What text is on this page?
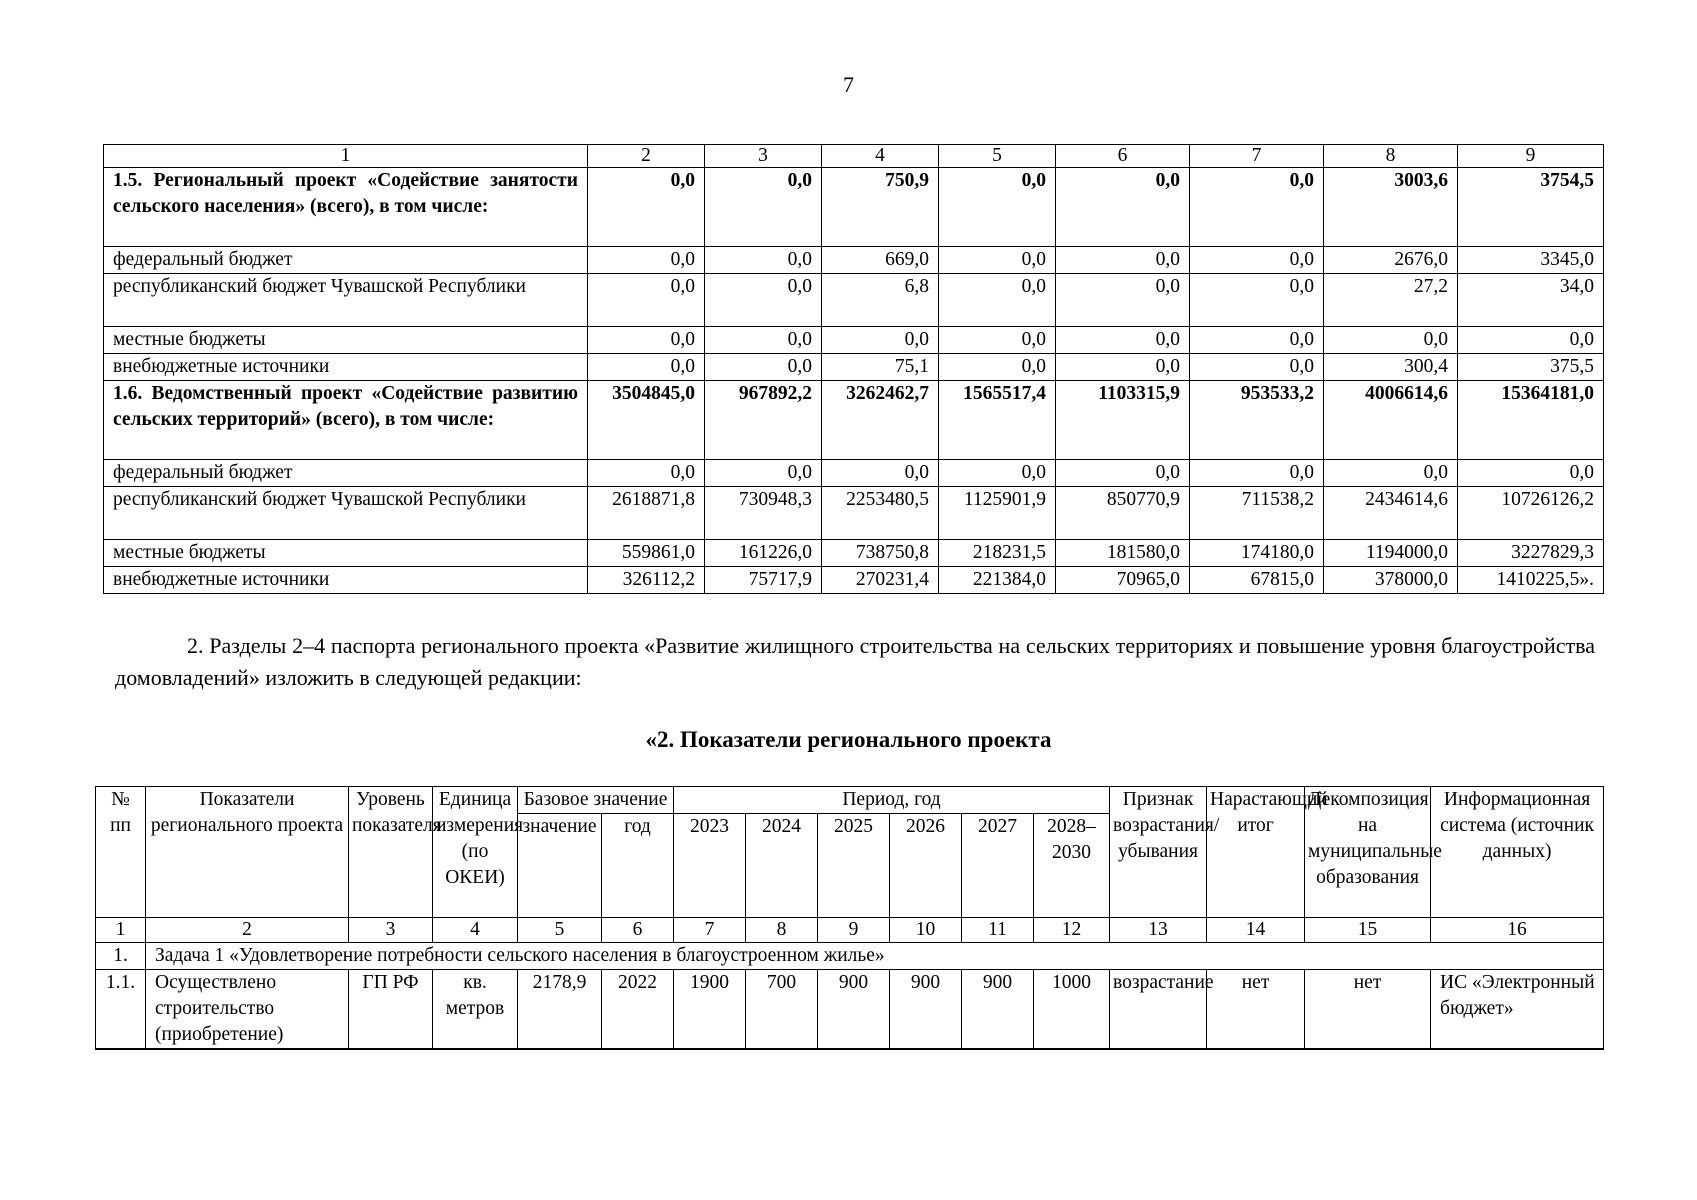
7
1	2	3	4	5	6	7	8	9
1.5. Региональный проект «Содействие занятости сельского населения» (всего), в том числе:	0,0	0,0	750,9	0,0	0,0	0,0	3003,6	3754,5
федеральный бюджет	0,0	0,0	669,0	0,0	0,0	0,0	2676,0	3345,0
республиканский бюджет Чувашской Республики	0,0	0,0	6,8	0,0	0,0	0,0	27,2	34,0
местные бюджеты	0,0	0,0	0,0	0,0	0,0	0,0	0,0	0,0
внебюджетные источники	0,0	0,0	75,1	0,0	0,0	0,0	300,4	375,5
1.6. Ведомственный проект «Содействие развитию сельских территорий» (всего), в том числе:	3504845,0	967892,2	3262462,7	1565517,4	1103315,9	953533,2	4006614,6	15364181,0
федеральный бюджет	0,0	0,0	0,0	0,0	0,0	0,0	0,0	0,0
республиканский бюджет Чувашской Республики	2618871,8	730948,3	2253480,5	1125901,9	850770,9	711538,2	2434614,6	10726126,2
местные бюджеты	559861,0	161226,0	738750,8	218231,5	181580,0	174180,0	1194000,0	3227829,3
внебюджетные источники	326112,2	75717,9	270231,4	221384,0	70965,0	67815,0	378000,0	1410225,5».
2. Разделы 2–4 паспорта регионального проекта «Развитие жилищного строительства на сельских территориях и повышение уровня благоустройства домовладений» изложить в следующей редакции:
«2. Показатели регионального проекта
№ пп	Показатели регионального проекта	Уровень показателя	Единица измерения (по ОКЕИ)	Базовое значение		Период, год						Признак возрастания/ убывания	Нарастающий итог	Декомпозиция на муниципальные образования	Информационная система (источник данных)
				значение	год	2023	2024	2025	2026	2027	2028–2030				
1	2	3	4	5	6	7	8	9	10	11	12	13	14	15	16
1.	Задача 1 «Удовлетворение потребности сельского населения в благоустроенном жилье»														
1.1.	Осуществлено строительство (приобретение)	ГП РФ	кв. метров	2178,9	2022	1900	700	900	900	900	1000	возрастание	нет	нет	ИС «Электронный бюджет»
